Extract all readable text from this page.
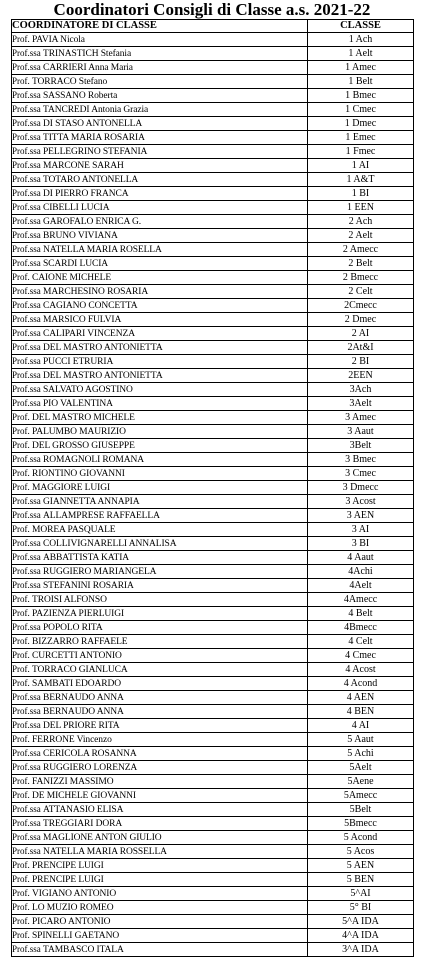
Coordinatori Consigli di Classe a.s. 2021-22
COORDINATORE DI CLASSE	CLASSE
Prof. PAVIA Nicola	1 Ach
Prof.ssa TRINASTICH Stefania	1 Aelt
Prof.ssa CARRIERI Anna Maria	1 Amec
Prof. TORRACO Stefano	1 Belt
Prof.ssa SASSANO Roberta	1 Bmec
Prof.ssa TANCREDI Antonia Grazia	1 Cmec
Prof.ssa DI STASO ANTONELLA	1 Dmec
Prof.ssa TITTA MARIA ROSARIA	1 Emec
Prof.ssa PELLEGRINO STEFANIA	1 Fmec
Prof.ssa MARCONE SARAH	1 AI
Prof.ssa TOTARO ANTONELLA	1 A&T
Prof.ssa DI PIERRO FRANCA	1 BI
Prof.ssa CIBELLI LUCIA	1 EEN
Prof.ssa GAROFALO ENRICA G.	2 Ach
Prof.ssa BRUNO VIVIANA	2 Aelt
Prof.ssa NATELLA MARIA ROSELLA	2 Amecc
Prof.ssa SCARDI LUCIA	2 Belt
Prof. CAIONE MICHELE	2 Bmecc
Prof.ssa MARCHESINO ROSARIA	2 Celt
Prof.ssa CAGIANO CONCETTA	2Cmecc
Prof.ssa MARSICO FULVIA	2 Dmec
Prof.ssa CALIPARI VINCENZA	2 AI
Prof.ssa DEL MASTRO ANTONIETTA	2At&I
Prof.ssa PUCCI ETRURIA	2 BI
Prof.ssa DEL MASTRO ANTONIETTA	2EEN
Prof.ssa SALVATO AGOSTINO	3Ach
Prof.ssa PIO VALENTINA	3Aelt
Prof. DEL MASTRO MICHELE	3 Amec
Prof. PALUMBO MAURIZIO	3 Aaut
Prof. DEL GROSSO GIUSEPPE	3Belt
Prof.ssa ROMAGNOLI ROMANA	3 Bmec
Prof. RIONTINO GIOVANNI	3 Cmec
Prof. MAGGIORE LUIGI	3 Dmecc
Prof.ssa GIANNETTA ANNAPIA	3 Acost
Prof.ssa ALLAMPRESE RAFFAELLA	3 AEN
Prof. MOREA PASQUALE	3 AI
Prof.ssa COLLIVIGNARELLI ANNALISA	3 BI
Prof.ssa ABBATTISTA KATIA	4 Aaut
Prof.ssa RUGGIERO MARIANGELA	4Achi
Prof.ssa STEFANINI ROSARIA	4Aelt
Prof. TROISI ALFONSO	4Amecc
Prof. PAZIENZA PIERLUIGI	4 Belt
Prof.ssa POPOLO RITA	4Bmecc
Prof. BIZZARRO RAFFAELE	4 Celt
Prof. CURCETTI ANTONIO	4 Cmec
Prof. TORRACO GIANLUCA	4 Acost
Prof. SAMBATI EDOARDO	4 Acond
Prof.ssa BERNAUDO ANNA	4 AEN
Prof.ssa BERNAUDO ANNA	4 BEN
Prof.ssa DEL PRIORE RITA	4 AI
Prof. FERRONE Vincenzo	5 Aaut
Prof.ssa CERICOLA ROSANNA	5 Achi
Prof.ssa RUGGIERO LORENZA	5Aelt
Prof. FANIZZI MASSIMO	5Aene
Prof. DE MICHELE GIOVANNI	5Amecc
Prof.ssa ATTANASIO ELISA	5Belt
Prof.ssa TREGGIARI DORA	5Bmecc
Prof.ssa MAGLIONE ANTON GIULIO	5 Acond
Prof.ssa NATELLA MARIA ROSSELLA	5 Acos
Prof. PRENCIPE LUIGI	5 AEN
Prof. PRENCIPE LUIGI	5 BEN
Prof. VIGIANO ANTONIO	5^AI
Prof. LO MUZIO ROMEO	5° BI
Prof. PICARO ANTONIO	5^A IDA
Prof. SPINELLI GAETANO	4^A IDA
Prof.ssa TAMBASCO ITALA	3^A IDA
